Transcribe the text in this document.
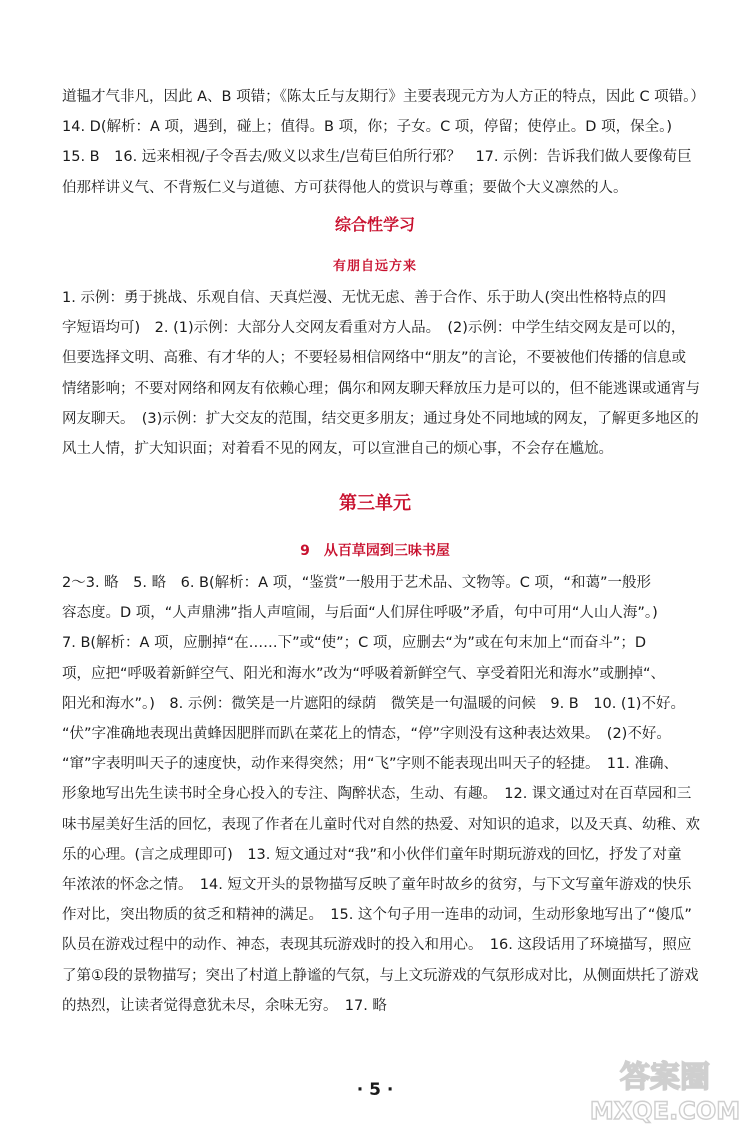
道韫才气非凡，因此 A、B 项错；《陈太丘与友期行》主要表现元方为人方正的特点，因此 C 项错。）
14. D(解析：A 项，遇到，碰上；值得。B 项，你；子女。C 项，停留；使停止。D 项，保全。)
15. B　16. 远来相视/子令吾去/败义以求生/岂荀巨伯所行邪？　17. 示例：告诉我们做人要像荀巨
伯那样讲义气、不背叛仁义与道德、方可获得他人的赏识与尊重；要做个大义凛然的人。
综合性学习
有朋自远方来
1. 示例：勇于挑战、乐观自信、天真烂漫、无忧无虑、善于合作、乐于助人(突出性格特点的四
字短语均可)　2. (1)示例：大部分人交网友看重对方人品。　(2)示例：中学生结交网友是可以的，
但要选择文明、高雅、有才华的人；不要轻易相信网络中“朋友”的言论，不要被他们传播的信息或
情绪影响；不要对网络和网友有依赖心理；偶尔和网友聊天释放压力是可以的，但不能逃课或通宵与
网友聊天。　(3)示例：扩大交友的范围，结交更多朋友；通过身处不同地域的网友，了解更多地区的
风土人情，扩大知识面；对着看不见的网友，可以宣泄自己的烦心事，不会存在尴尬。
第三单元
9　从百草园到三味书屋
2～3. 略　5. 略　6. B(解析：A 项，“鉴赏”一般用于艺术品、文物等。C 项，“和蔼”一般形
容态度。D 项，“人声鼎沸”指人声喧闹，与后面“人们屏住呼吸”矛盾，句中可用“人山人海”。)
7. B(解析：A 项，应删掉“在……下”或“使”；C 项，应删去“为”或在句末加上“而奋斗”；D
项，应把“呼吸着新鲜空气、阳光和海水”改为“呼吸着新鲜空气、享受着阳光和海水”或删掉“、
阳光和海水”。)　8. 示例：微笑是一片遮阳的绿荫　微笑是一句温暖的问候　9. B　10. (1)不好。
“伏”字准确地表现出黄蜂因肥胖而趴在菜花上的情态，“停”字则没有这种表达效果。　(2)不好。
“窜”字表明叫天子的速度快，动作来得突然；用“飞”字则不能表现出叫天子的轻捷。　11. 准确、
形象地写出先生读书时全身心投入的专注、陶醉状态，生动、有趣。　12. 课文通过对在百草园和三
味书屋美好生活的回忆，表现了作者在儿童时代对自然的热爱、对知识的追求，以及天真、幼稚、欢
乐的心理。(言之成理即可)　13. 短文通过对“我”和小伙伴们童年时期玩游戏的回忆，抒发了对童
年浓浓的怀念之情。　14. 短文开头的景物描写反映了童年时故乡的贫穷，与下文写童年游戏的快乐
作对比，突出物质的贫乏和精神的满足。　15. 这个句子用一连串的动词，生动形象地写出了“傻瓜”
队员在游戏过程中的动作、神态，表现其玩游戏时的投入和用心。　16. 这段话用了环境描写，照应
了第①段的景物描写；突出了村道上静谧的气氛，与上文玩游戏的气氛形成对比，从侧面烘托了游戏
的热烈，让读者觉得意犹未尽，余味无穷。　17. 略
· 5 ·	答案圈
MXQE.COM
